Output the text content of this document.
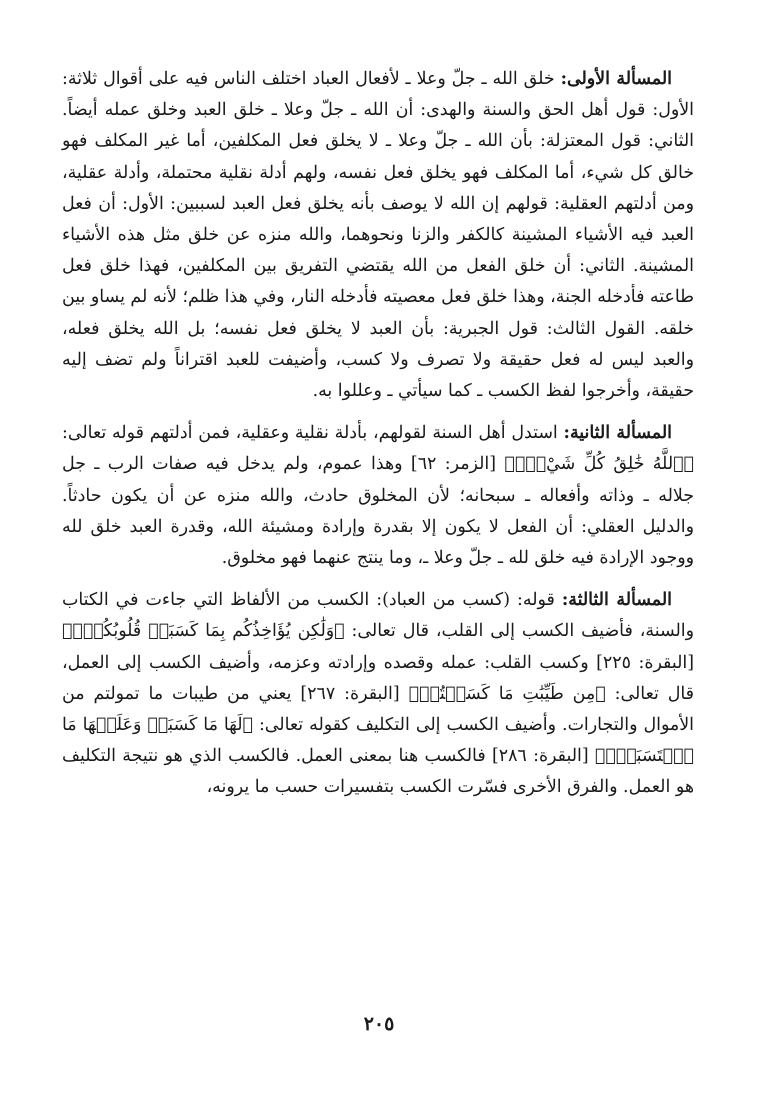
المسألة الأولى: خلق الله ـ جلّ وعلا ـ لأفعال العباد اختلف الناس فيه على أقوال ثلاثة: الأول: قول أهل الحق والسنة والهدى: أن الله ـ جلّ وعلا ـ خلق العبد وخلق عمله أيضاً. الثاني: قول المعتزلة: بأن الله ـ جلّ وعلا ـ لا يخلق فعل المكلفين، أما غير المكلف فهو خالق كل شيء، أما المكلف فهو يخلق فعل نفسه، ولهم أدلة نقلية محتملة، وأدلة عقلية، ومن أدلتهم العقلية: قولهم إن الله لا يوصف بأنه يخلق فعل العبد لسببين: الأول: أن فعل العبد فيه الأشياء المشينة كالكفر والزنا ونحوهما، والله منزه عن خلق مثل هذه الأشياء المشينة. الثاني: أن خلق الفعل من الله يقتضي التفريق بين المكلفين، فهذا خلق فعل طاعته فأدخله الجنة، وهذا خلق فعل معصيته فأدخله النار، وفي هذا ظلم؛ لأنه لم يساو بين خلقه. القول الثالث: قول الجبرية: بأن العبد لا يخلق فعل نفسه؛ بل الله يخلق فعله، والعبد ليس له فعل حقيقة ولا تصرف ولا كسب، وأضيفت للعبد اقتراناً ولم تضف إليه حقيقة، وأخرجوا لفظ الكسب ـ كما سيأتي ـ وعللوا به.

المسألة الثانية: استدل أهل السنة لقولهم، بأدلة نقلية وعقلية، فمن أدلتهم قوله تعالى: ﴿ٱللَّهُ خَٰلِقُ كُلِّ شَيْءٍۖ﴾ [الزمر: ٦٢] وهذا عموم، ولم يدخل فيه صفات الرب ـ جل جلاله ـ وذاته وأفعاله ـ سبحانه؛ لأن المخلوق حادث، والله منزه عن أن يكون حادثاً. والدليل العقلي: أن الفعل لا يكون إلا بقدرة وإرادة ومشيئة الله، وقدرة العبد خلق لله ووجود الإرادة فيه خلق لله ـ جلّ وعلا ـ، وما ينتج عنهما فهو مخلوق.

المسألة الثالثة: قوله: (كسب من العباد): الكسب من الألفاظ التي جاءت في الكتاب والسنة، فأضيف الكسب إلى القلب، قال تعالى: ﴿وَلَٰكِن يُؤَاخِذُكُم بِمَا كَسَبَتۡ قُلُوبُكُمۡۗ﴾ [البقرة: ٢٢٥] وكسب القلب: عمله وقصده وإرادته وعزمه، وأضيف الكسب إلى العمل، قال تعالى: ﴿مِن طَيِّبَٰتِ مَا كَسَبۡتُمۡ﴾ [البقرة: ٢٦٧] يعني من طيبات ما تمولتم من الأموال والتجارات. وأضيف الكسب إلى التكليف كقوله تعالى: ﴿لَهَا مَا كَسَبَتۡ وَعَلَيۡهَا مَا ٱكۡتَسَبَتۡۗ﴾ [البقرة: ٢٨٦] فالكسب هنا بمعنى العمل. فالكسب الذي هو نتيجة التكليف هو العمل. والفرق الأخرى فسّرت الكسب بتفسيرات حسب ما يرونه،

٢٠٥
